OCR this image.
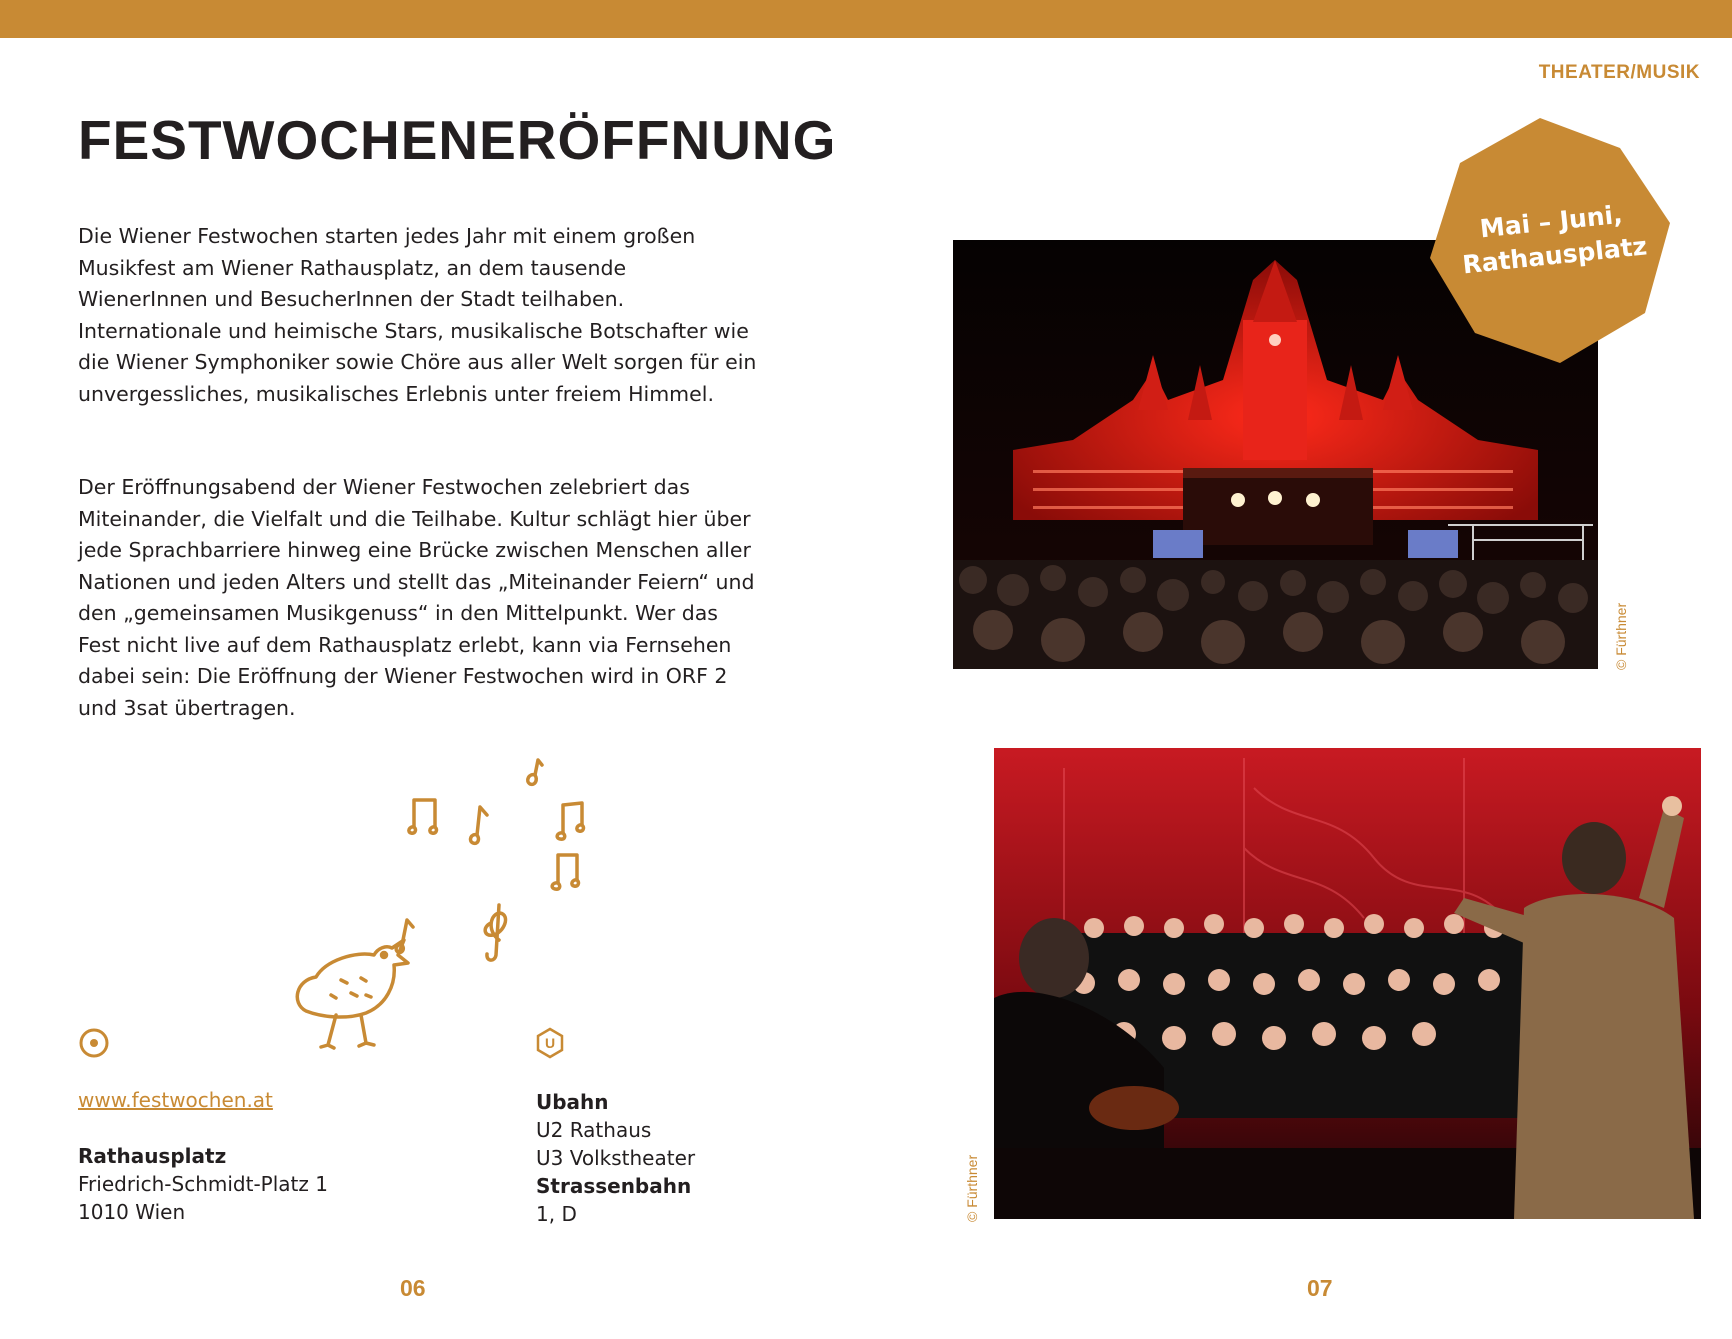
THEATER/MUSIK
FESTWOCHENERÖFFNUNG

Die Wiener Festwochen starten jedes Jahr mit einem großen Musikfest am Wiener Rathausplatz, an dem tausende WienerInnen und BesucherInnen der Stadt teilhaben. Internationale und heimische Stars, musikalische Botschafter wie die Wiener Symphoniker sowie Chöre aus aller Welt sorgen für ein unvergessliches, musikalisches Erlebnis unter freiem Himmel.

Der Eröffnungsabend der Wiener Festwochen zelebriert das Miteinander, die Vielfalt und die Teilhabe. Kultur schlägt hier über jede Sprachbarriere hinweg eine Brücke zwischen Menschen aller Nationen und jeden Alters und stellt das „Miteinander Feiern“ und den „gemeinsamen Musikgenuss“ in den Mittelpunkt. Wer das Fest nicht live auf dem Rathausplatz erlebt, kann via Fernsehen dabei sein: Die Eröffnung der Wiener Festwochen wird in ORF 2 und 3sat übertragen.

U
www.festwochen.at
Rathausplatz
Friedrich-Schmidt-Platz 1
1010 Wien
Ubahn
U2 Rathaus
U3 Volkstheater
Strassenbahn
1, D
06	07
© Fürthner
© Fürthner
Mai – Juni,
Rathausplatz
